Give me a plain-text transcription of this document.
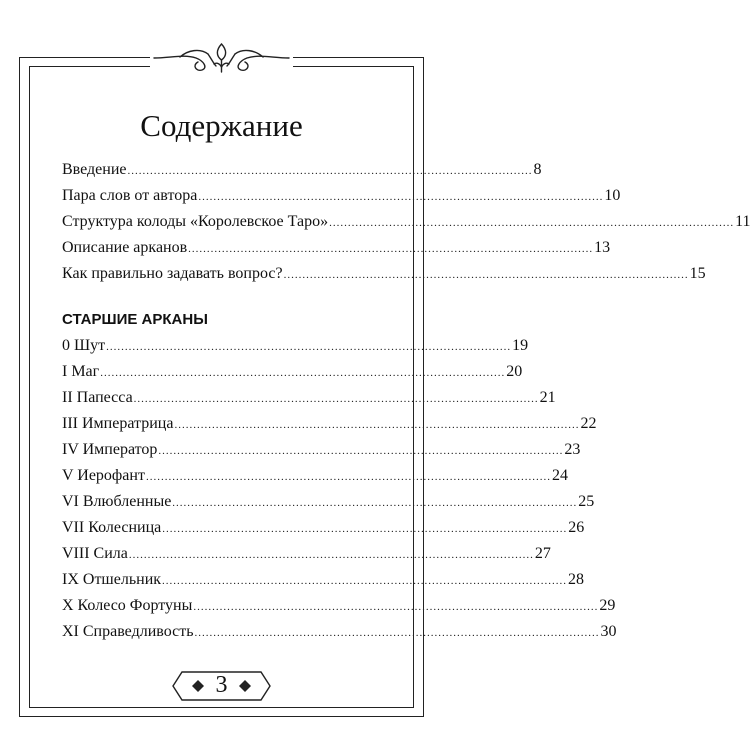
Содержание
Введение ............................................................................................................ 8
Пара слов от автора ............................................................................................................ 10
Структура колоды «Королевское Таро» ............................................................................................................ 11
Описание арканов ............................................................................................................ 13
Как правильно задавать вопрос? ............................................................................................................ 15
СТАРШИЕ АРКАНЫ
0 Шут ............................................................................................................ 19
I Маг ............................................................................................................ 20
II Папесса ............................................................................................................ 21
III Императрица ............................................................................................................ 22
IV Император ............................................................................................................ 23
V Иерофант ............................................................................................................ 24
VI Влюбленные ............................................................................................................ 25
VII Колесница ............................................................................................................ 26
VIII Сила ............................................................................................................ 27
IX Отшельник ............................................................................................................ 28
X Колесо Фортуны ............................................................................................................ 29
XI Справедливость ............................................................................................................ 30
3
